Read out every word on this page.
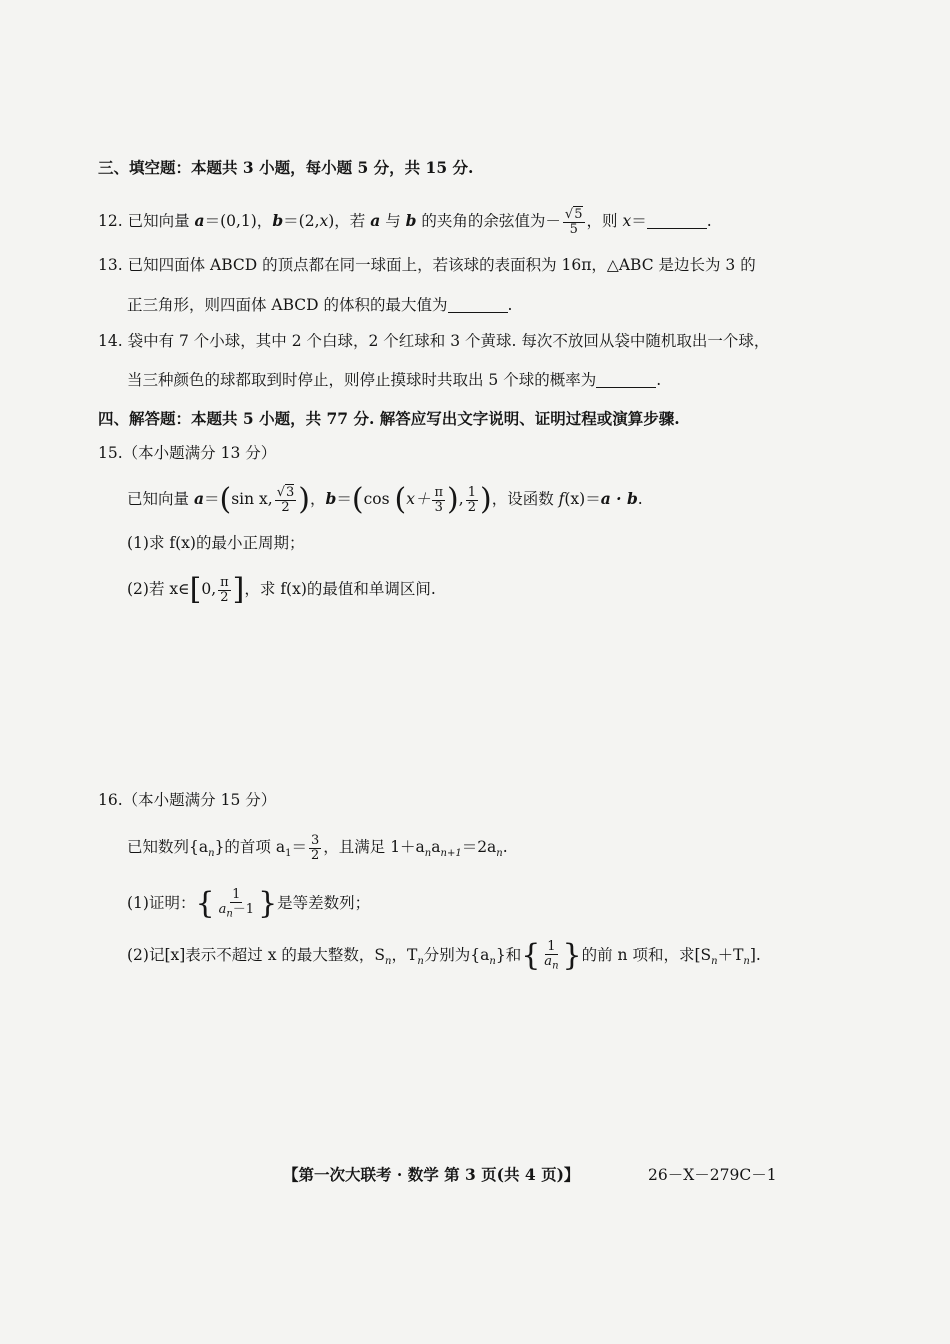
三、填空题：本题共 3 小题，每小题 5 分，共 15 分.
12. 已知向量 a＝(0,1)，b＝(2,x)，若 a 与 b 的夹角的余弦值为－ $\frac{√5}{5}$ ，则 x＝	.
13. 已知四面体 ABCD 的顶点都在同一球面上，若该球的表面积为 16π，△ABC 是边长为 3 的
正三角形，则四面体 ABCD 的体积的最大值为	.
14. 袋中有 7 个小球，其中 2 个白球，2 个红球和 3 个黄球. 每次不放回从袋中随机取出一个球，
当三种颜色的球都取到时停止，则停止摸球时共取出 5 个球的概率为	.
四、解答题：本题共 5 小题，共 77 分. 解答应写出文字说明、证明过程或演算步骤.
15.（本小题满分 13 分）
已知向量 a＝(sin x, $\frac{√3}{2}$ )，b＝(cos ($x+ \frac{\pi}{3}$ ), $\frac{1}{2}$ )，设函数 f(x)＝a · b.
(1)求 f(x)的最小正周期；
(2)若 x∈[0, $\frac{\pi}{2}$ ]，求 f(x)的最值和单调区间.
16.（本小题满分 15 分）
已知数列$\{a_n\}$的首项 $a_1= \frac{3}{2}$ ，且满足 $1+a_na_{n+1}=2a_n$.
(1)证明：{ $\frac{1}{a_n-1}$ }是等差数列；
(2)记[x]表示不超过 x 的最大整数，$S_n$，$T_n$分别为$\{a_n\}$和{ $\frac{1}{a_n}$ }的前 n 项和，求$[S_n+T_n]$.
【第一次大联考 · 数学 第 3 页(共 4 页)】	26－X－279C－1
